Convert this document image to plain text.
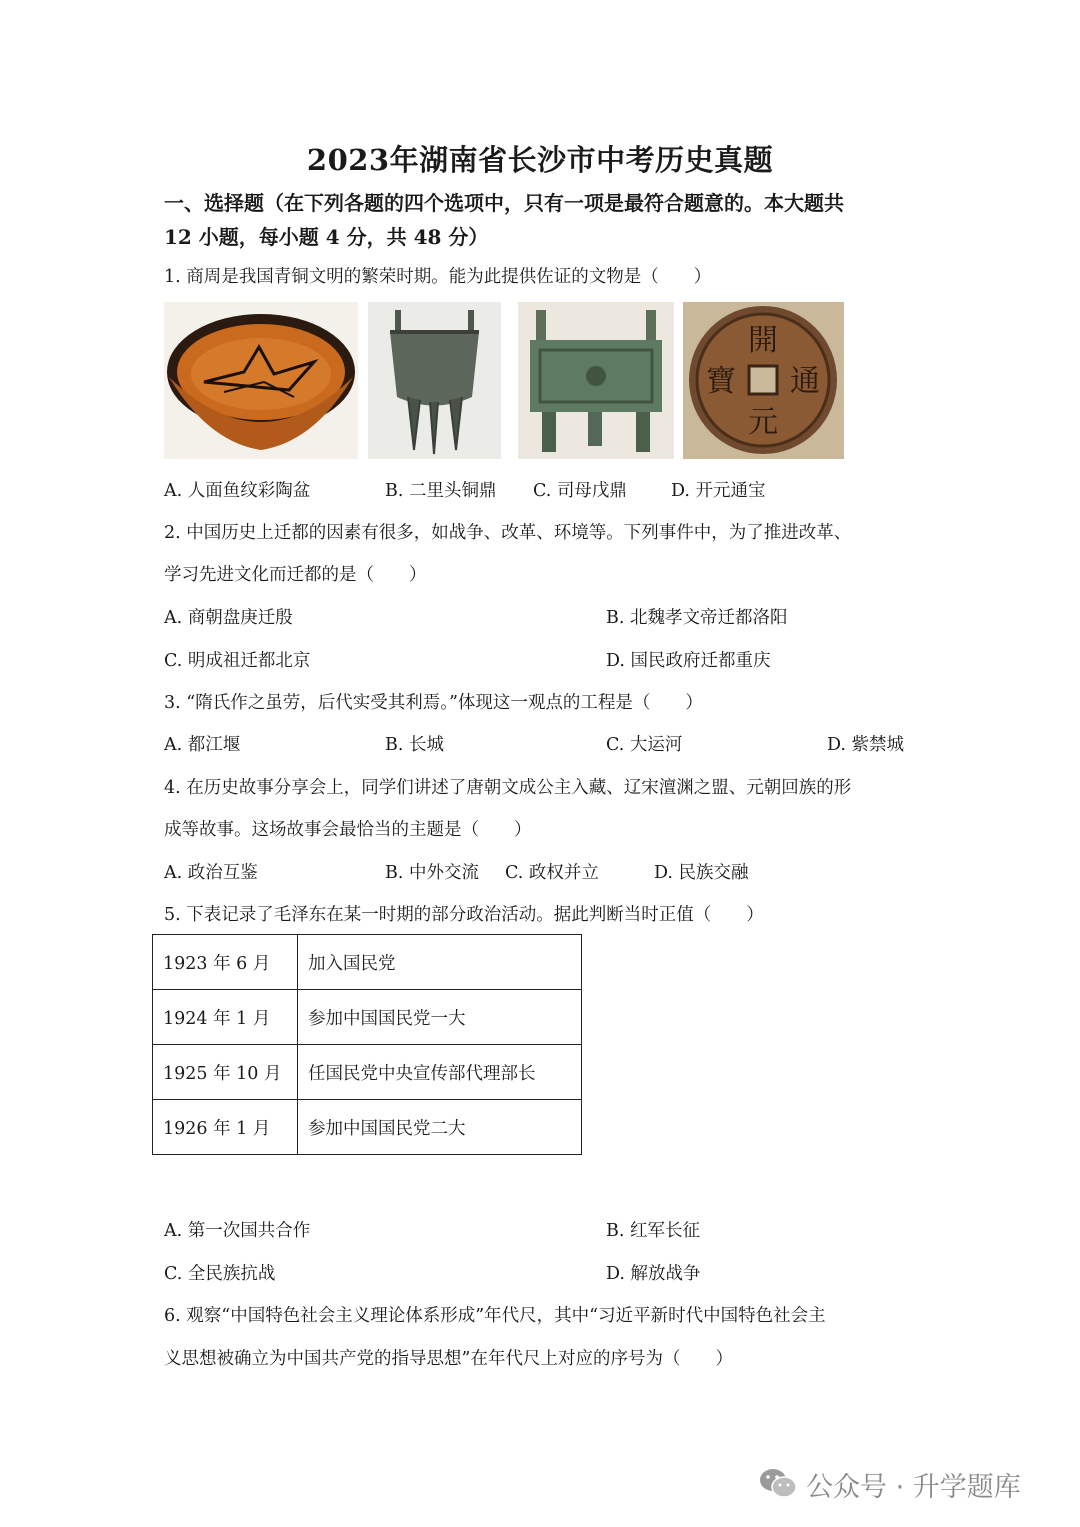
2023年湖南省长沙市中考历史真题
一、选择题（在下列各题的四个选项中，只有一项是最符合题意的。本大题共
12 小题，每小题 4 分，共 48 分）
1. 商周是我国青铜文明的繁荣时期。能为此提供佐证的文物是（　　）
開
通
元
寶
A. 人面鱼纹彩陶盆	B. 二里头铜鼎 C. 司母戊鼎	D. 开元通宝
2. 中国历史上迁都的因素有很多，如战争、改革、环境等。下列事件中，为了推进改革、
学习先进文化而迁都的是（　　）
A. 商朝盘庚迁殷	B. 北魏孝文帝迁都洛阳
C. 明成祖迁都北京	D. 国民政府迁都重庆
3. “隋氏作之虽劳，后代实受其利焉。”体现这一观点的工程是（　　）
A. 都江堰	B. 长城	C. 大运河	D. 紫禁城
4. 在历史故事分享会上，同学们讲述了唐朝文成公主入藏、辽宋澶渊之盟、元朝回族的形
成等故事。这场故事会最恰当的主题是（　　）
A. 政治互鉴	B. 中外交流 C. 政权并立	D. 民族交融
5. 下表记录了毛泽东在某一时期的部分政治活动。据此判断当时正值（　　）
1923 年 6 月	加入国民党
1924 年 1 月	参加中国国民党一大
1925 年 10 月	任国民党中央宣传部代理部长
1926 年 1 月	参加中国国民党二大
A. 第一次国共合作	B. 红军长征
C. 全民族抗战	D. 解放战争
6. 观察“中国特色社会主义理论体系形成”年代尺，其中“习近平新时代中国特色社会主
义思想被确立为中国共产党的指导思想”在年代尺上对应的序号为（　　）
公众号 · 升学题库
